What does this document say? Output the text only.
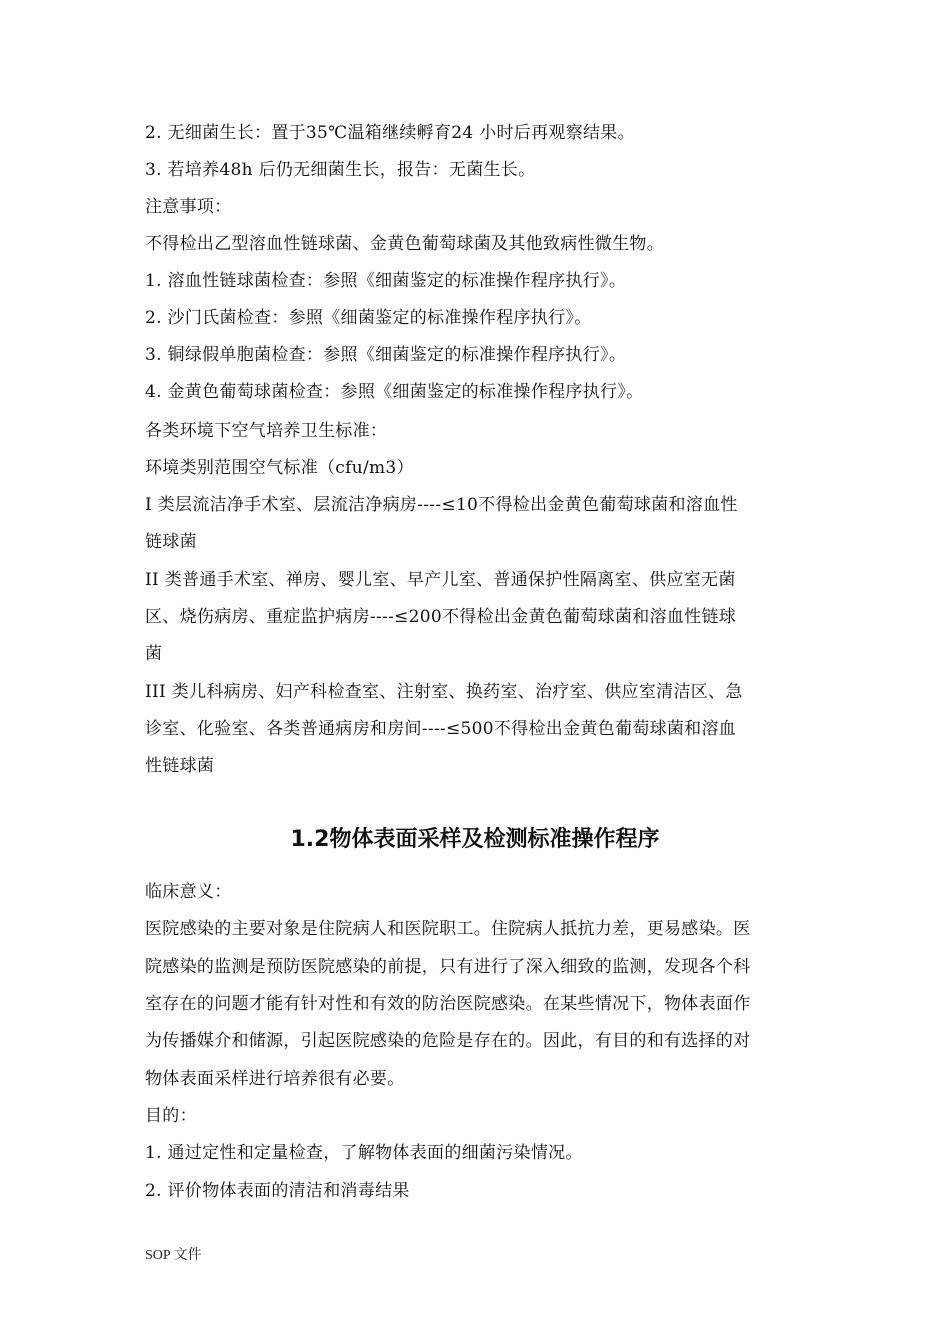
2. 无细菌生长：置于35℃温箱继续孵育24 小时后再观察结果。
3. 若培养48h 后仍无细菌生长，报告：无菌生长。
注意事项：
不得检出乙型溶血性链球菌、金黄色葡萄球菌及其他致病性微生物。
1. 溶血性链球菌检查：参照《细菌鉴定的标准操作程序执行》。
2. 沙门氏菌检查：参照《细菌鉴定的标准操作程序执行》。
3. 铜绿假单胞菌检查：参照《细菌鉴定的标准操作程序执行》。
4. 金黄色葡萄球菌检查：参照《细菌鉴定的标准操作程序执行》。
各类环境下空气培养卫生标准：
环境类别范围空气标准（cfu/m3）
I 类层流洁净手术室、层流洁净病房----≤10不得检出金黄色葡萄球菌和溶血性
链球菌
II 类普通手术室、禅房、婴儿室、早产儿室、普通保护性隔离室、供应室无菌
区、烧伤病房、重症监护病房----≤200不得检出金黄色葡萄球菌和溶血性链球
菌
III 类儿科病房、妇产科检查室、注射室、换药室、治疗室、供应室清洁区、急
诊室、化验室、各类普通病房和房间----≤500不得检出金黄色葡萄球菌和溶血
性链球菌
1.2物体表面采样及检测标准操作程序
临床意义：
医院感染的主要对象是住院病人和医院职工。住院病人抵抗力差，更易感染。医
院感染的监测是预防医院感染的前提，只有进行了深入细致的监测，发现各个科
室存在的问题才能有针对性和有效的防治医院感染。在某些情况下，物体表面作
为传播媒介和储源，引起医院感染的危险是存在的。因此，有目的和有选择的对
物体表面采样进行培养很有必要。
目的：
1. 通过定性和定量检查，了解物体表面的细菌污染情况。
2. 评价物体表面的清洁和消毒结果
SOP 文件
